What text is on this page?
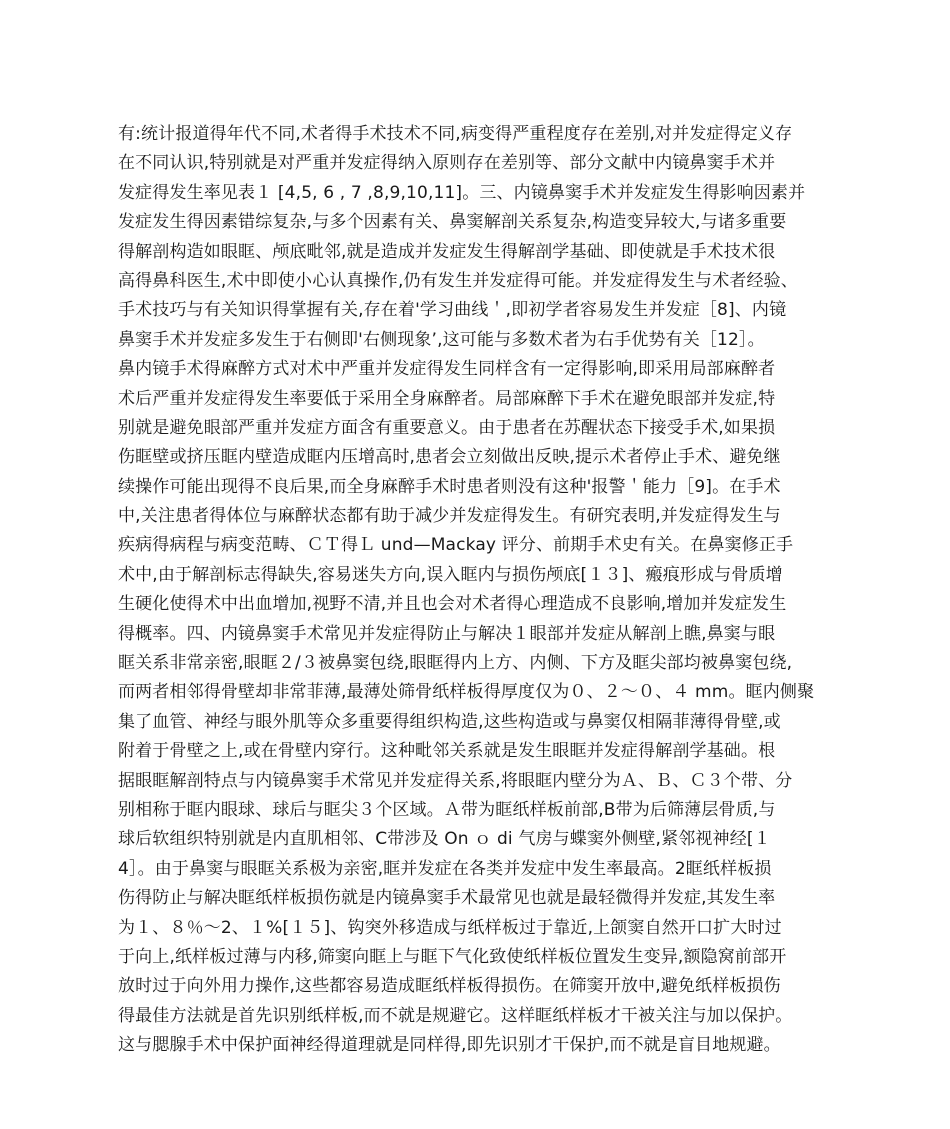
有:统计报道得年代不同,术者得手术技术不同,病变得严重程度存在差别,对并发症得定义存
在不同认识,特别就是对严重并发症得纳入原则存在差别等、部分文献中内镜鼻窦手术并
发症得发生率见表１ [4,5, 6 , 7 ,8,9,10,11]。三、内镜鼻窦手术并发症发生得影响因素并
发症发生得因素错综复杂,与多个因素有关、鼻窦解剖关系复杂,构造变异较大,与诸多重要
得解剖构造如眼眶、颅底毗邻,就是造成并发症发生得解剖学基础、即使就是手术技术很
高得鼻科医生,术中即使小心认真操作,仍有发生并发症得可能。并发症得发生与术者经验、
手术技巧与有关知识得掌握有关,存在着'学习曲线＇,即初学者容易发生并发症［8]、内镜
鼻窦手术并发症多发生于右侧即'右侧现象’,这可能与多数术者为右手优势有关［12］。
鼻内镜手术得麻醉方式对术中严重并发症得发生同样含有一定得影响,即采用局部麻醉者
术后严重并发症得发生率要低于采用全身麻醉者。局部麻醉下手术在避免眼部并发症,特
别就是避免眼部严重并发症方面含有重要意义。由于患者在苏醒状态下接受手术,如果损
伤眶壁或挤压眶内壁造成眶内压增高时,患者会立刻做出反映,提示术者停止手术、避免继
续操作可能出现得不良后果,而全身麻醉手术时患者则没有这种'报警＇能力［9]。在手术
中,关注患者得体位与麻醉状态都有助于减少并发症得发生。有研究表明,并发症得发生与
疾病得病程与病变范畴、ＣＴ得Ｌ und—Mackay 评分、前期手术史有关。在鼻窦修正手
术中,由于解剖标志得缺失,容易迷失方向,误入眶内与损伤颅底[１３]、瘢痕形成与骨质增
生硬化使得术中出血增加,视野不清,并且也会对术者得心理造成不良影响,增加并发症发生
得概率。四、内镜鼻窦手术常见并发症得防止与解决１眼部并发症从解剖上瞧,鼻窦与眼
眶关系非常亲密,眼眶２/３被鼻窦包绕,眼眶得内上方、内侧、下方及眶尖部均被鼻窦包绕,
而两者相邻得骨壁却非常菲薄,最薄处筛骨纸样板得厚度仅为０、２～０、４ mm。眶内侧聚
集了血管、神经与眼外肌等众多重要得组织构造,这些构造或与鼻窦仅相隔菲薄得骨壁,或
附着于骨壁之上,或在骨壁内穿行。这种毗邻关系就是发生眼眶并发症得解剖学基础。根
据眼眶解剖特点与内镜鼻窦手术常见并发症得关系,将眼眶内壁分为Ａ、Ｂ、Ｃ３个带、分
别相称于眶内眼球、球后与眶尖３个区域。Ａ带为眶纸样板前部,B带为后筛薄层骨质,与
球后软组织特别就是内直肌相邻、C带涉及 On ｏ di 气房与蝶窦外侧壁,紧邻视神经[１
4］。由于鼻窦与眼眶关系极为亲密,眶并发症在各类并发症中发生率最高。2眶纸样板损
伤得防止与解决眶纸样板损伤就是内镜鼻窦手术最常见也就是最轻微得并发症,其发生率
为１、８％～2、１%[１５]、钩突外移造成与纸样板过于靠近,上颌窦自然开口扩大时过
于向上,纸样板过薄与内移,筛窦向眶上与眶下气化致使纸样板位置发生变异,额隐窝前部开
放时过于向外用力操作,这些都容易造成眶纸样板得损伤。在筛窦开放中,避免纸样板损伤
得最佳方法就是首先识别纸样板,而不就是规避它。这样眶纸样板才干被关注与加以保护。
这与腮腺手术中保护面神经得道理就是同样得,即先识别才干保护,而不就是盲目地规避。
